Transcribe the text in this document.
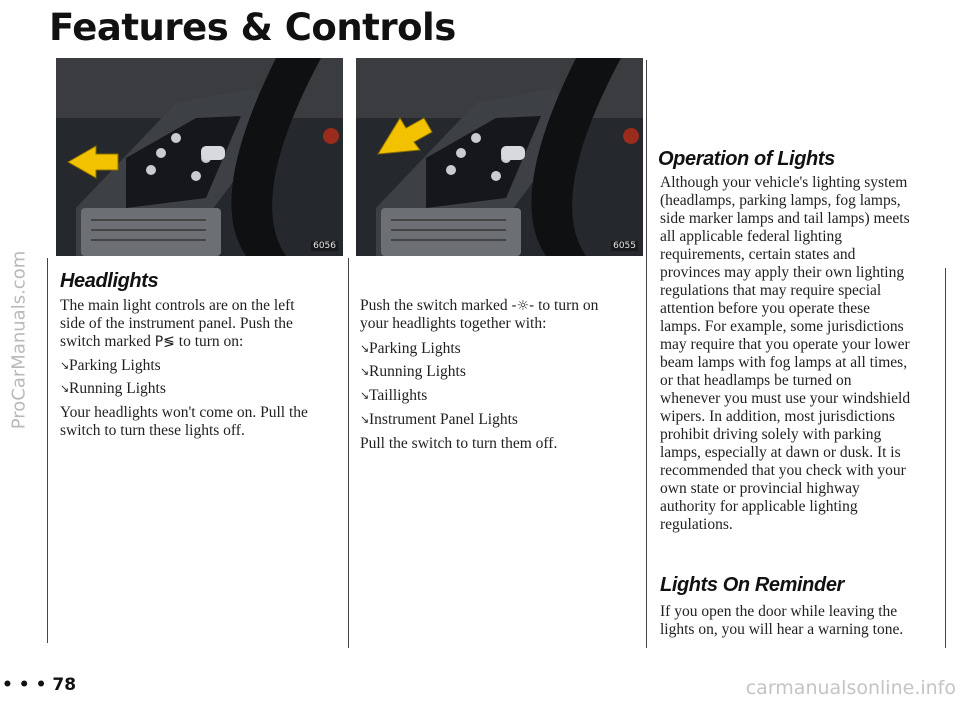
Features & Controls
ProCarManuals.com
6056	6055
Headlights

The main light controls are on the left

side of the instrument panel. Push the

switch marked P≶ to turn on:

↘Parking Lights
↘Running Lights

Your headlights won't come on. Pull the

switch to turn these lights off.

Push the switch marked -☼- to turn on

your headlights together with:

↘Parking Lights
↘Running Lights
↘Taillights
↘Instrument Panel Lights

Pull the switch to turn them off.

Operation of Lights

Although your vehicle's lighting system

(headlamps, parking lamps, fog lamps,

side marker lamps and tail lamps) meets

all applicable federal lighting

requirements, certain states and

provinces may apply their own lighting

regulations that may require special

attention before you operate these

lamps. For example, some jurisdictions

may require that you operate your lower

beam lamps with fog lamps at all times,

or that headlamps be turned on

whenever you must use your windshield

wipers. In addition, most jurisdictions

prohibit driving solely with parking

lamps, especially at dawn or dusk. It is

recommended that you check with your

own state or provincial highway

authority for applicable lighting

regulations.

Lights On Reminder

If you open the door while leaving the

lights on, you will hear a warning tone.

• • • 78	carmanualsonline.info
